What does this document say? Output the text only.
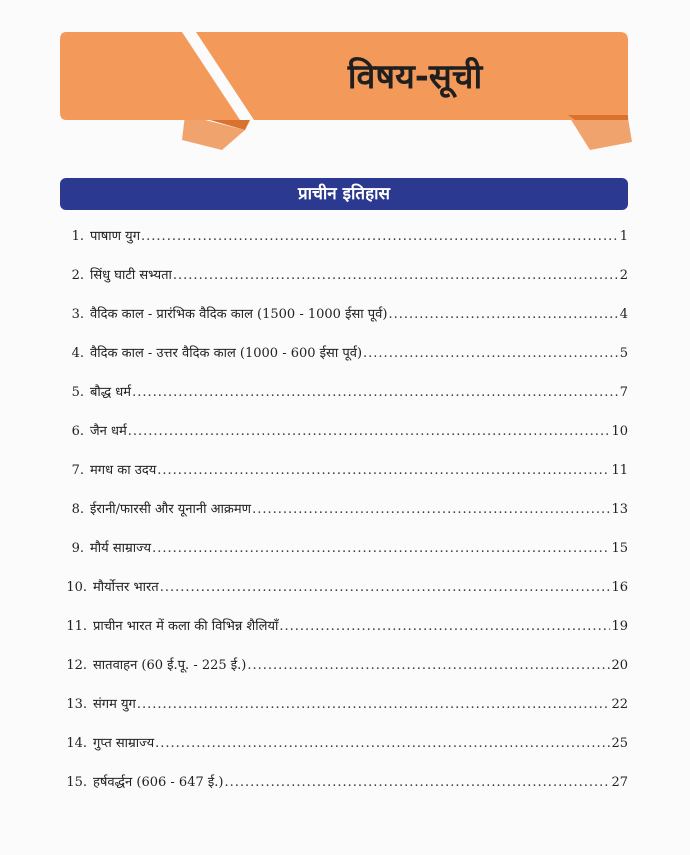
विषय-सूची
प्राचीन इतिहास
1. पाषाण युग .....	1
2. सिंधु घाटी सभ्यता .....	2
3. वैदिक काल - प्रारंभिक वैदिक काल (1500 - 1000 ईसा पूर्व) .....	4
4. वैदिक काल - उत्तर वैदिक काल (1000 - 600 ईसा पूर्व) .....	5
5. बौद्ध धर्म .....	7
6. जैन धर्म .....	10
7. मगध का उदय .....	11
8. ईरानी/फारसी और यूनानी आक्रमण .....	13
9. मौर्य साम्राज्य .....	15
10. मौर्योत्तर भारत .....	16
11. प्राचीन भारत में कला की विभिन्न शैलियाँ .....	19
12. सातवाहन (60 ई.पू. - 225 ई.) .....	20
13. संगम युग .....	22
14. गुप्त साम्राज्य .....	25
15. हर्षवर्द्धन (606 - 647 ई.) .....	27
